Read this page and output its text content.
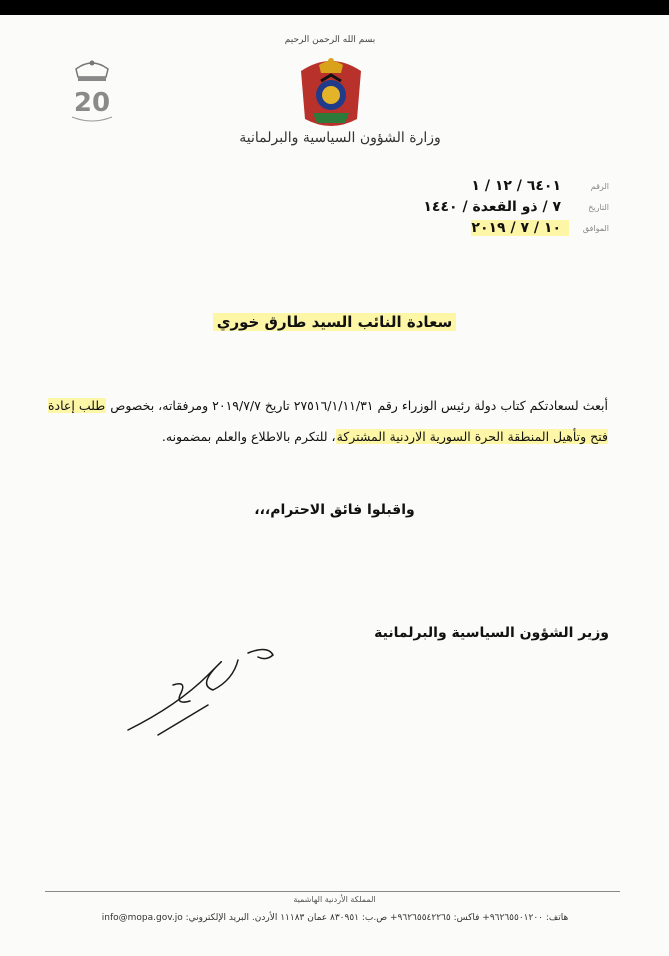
بسم الله الرحمن الرحيم
وزارة الشؤون السياسية والبرلمانية
20
الرقم
٦٤٠١ / ١٢ / ١
التاريخ
٧ / ذو القعدة / ١٤٤٠
الموافق
١٠ / ٧ / ٢٠١٩
سعادة النائب السيد طارق خوري
أبعث لسعادتكم كتاب دولة رئيس الوزراء رقم ٢٧٥١٦/١/١١/٣١ تاريخ ٢٠١٩/٧/٧ ومرفقاته، بخصوص طلب إعادة فتح وتأهيل المنطقة الحرة السورية الاردنية المشتركة، للتكرم بالاطلاع والعلم بمضمونه.
واقبلوا فائق الاحترام،،،
وزير الشؤون السياسية والبرلمانية
المملكة الأردنية الهاشمية
هاتف: ٩٦٢٦٥٥٠١٢٠٠+ فاكس: ٩٦٢٦٥٥٤٢٢٦٥+ ص.ب: ٨٣٠٩٥١ عمان ١١١٨٣ الأردن. البريد الإلكتروني: info@mopa.gov.jo
